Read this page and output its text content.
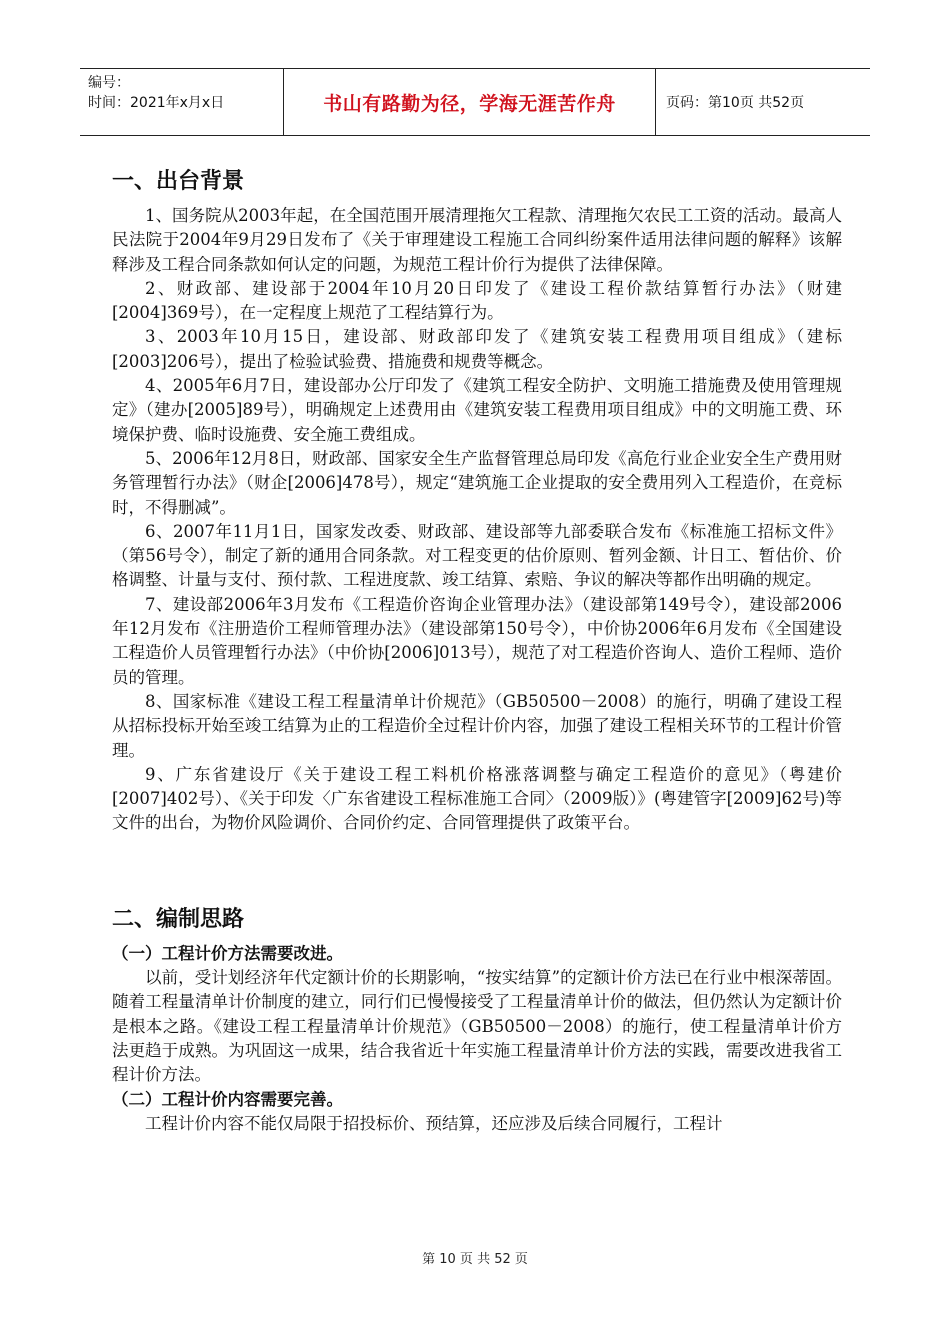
编号：
时间：2021年x月x日	书山有路勤为径，学海无涯苦作舟	页码：第10页 共52页
一、出台背景

1、国务院从2003年起，在全国范围开展清理拖欠工程款、清理拖欠农民工工资的活动。最高人民法院于2004年9月29日发布了《关于审理建设工程施工合同纠纷案件适用法律问题的解释》该解释涉及工程合同条款如何认定的问题，为规范工程计价行为提供了法律保障。

2、财政部、建设部于2004年10月20日印发了《建设工程价款结算暂行办法》（财建[2004]369号），在一定程度上规范了工程结算行为。

3、2003年10月15日，建设部、财政部印发了《建筑安装工程费用项目组成》（建标[2003]206号），提出了检验试验费、措施费和规费等概念。

4、2005年6月7日，建设部办公厅印发了《建筑工程安全防护、文明施工措施费及使用管理规定》（建办[2005]89号），明确规定上述费用由《建筑安装工程费用项目组成》中的文明施工费、环境保护费、临时设施费、安全施工费组成。

5、2006年12月8日，财政部、国家安全生产监督管理总局印发《高危行业企业安全生产费用财务管理暂行办法》（财企[2006]478号），规定“建筑施工企业提取的安全费用列入工程造价，在竞标时，不得删减”。

6、2007年11月1日，国家发改委、财政部、建设部等九部委联合发布《标准施工招标文件》（第56号令），制定了新的通用合同条款。对工程变更的估价原则、暂列金额、计日工、暂估价、价格调整、计量与支付、预付款、工程进度款、竣工结算、索赔、争议的解决等都作出明确的规定。

7、建设部2006年3月发布《工程造价咨询企业管理办法》（建设部第149号令），建设部2006年12月发布《注册造价工程师管理办法》（建设部第150号令），中价协2006年6月发布《全国建设工程造价人员管理暂行办法》（中价协[2006]013号），规范了对工程造价咨询人、造价工程师、造价员的管理。

8、国家标准《建设工程工程量清单计价规范》（GB50500－2008）的施行，明确了建设工程从招标投标开始至竣工结算为止的工程造价全过程计价内容，加强了建设工程相关环节的工程计价管理。

9、广东省建设厅《关于建设工程工料机价格涨落调整与确定工程造价的意见》（粤建价[2007]402号）、《关于印发〈广东省建设工程标准施工合同〉（2009版）》(粤建管字[2009]62号)等文件的出台，为物价风险调价、合同价约定、合同管理提供了政策平台。

二、编制思路

（一）工程计价方法需要改进。

以前，受计划经济年代定额计价的长期影响，“按实结算”的定额计价方法已在行业中根深蒂固。随着工程量清单计价制度的建立，同行们已慢慢接受了工程量清单计价的做法，但仍然认为定额计价是根本之路。《建设工程工程量清单计价规范》（GB50500－2008）的施行，使工程量清单计价方法更趋于成熟。为巩固这一成果，结合我省近十年实施工程量清单计价方法的实践，需要改进我省工程计价方法。

（二）工程计价内容需要完善。

工程计价内容不能仅局限于招投标价、预结算，还应涉及后续合同履行，工程计

第 10 页 共 52 页
